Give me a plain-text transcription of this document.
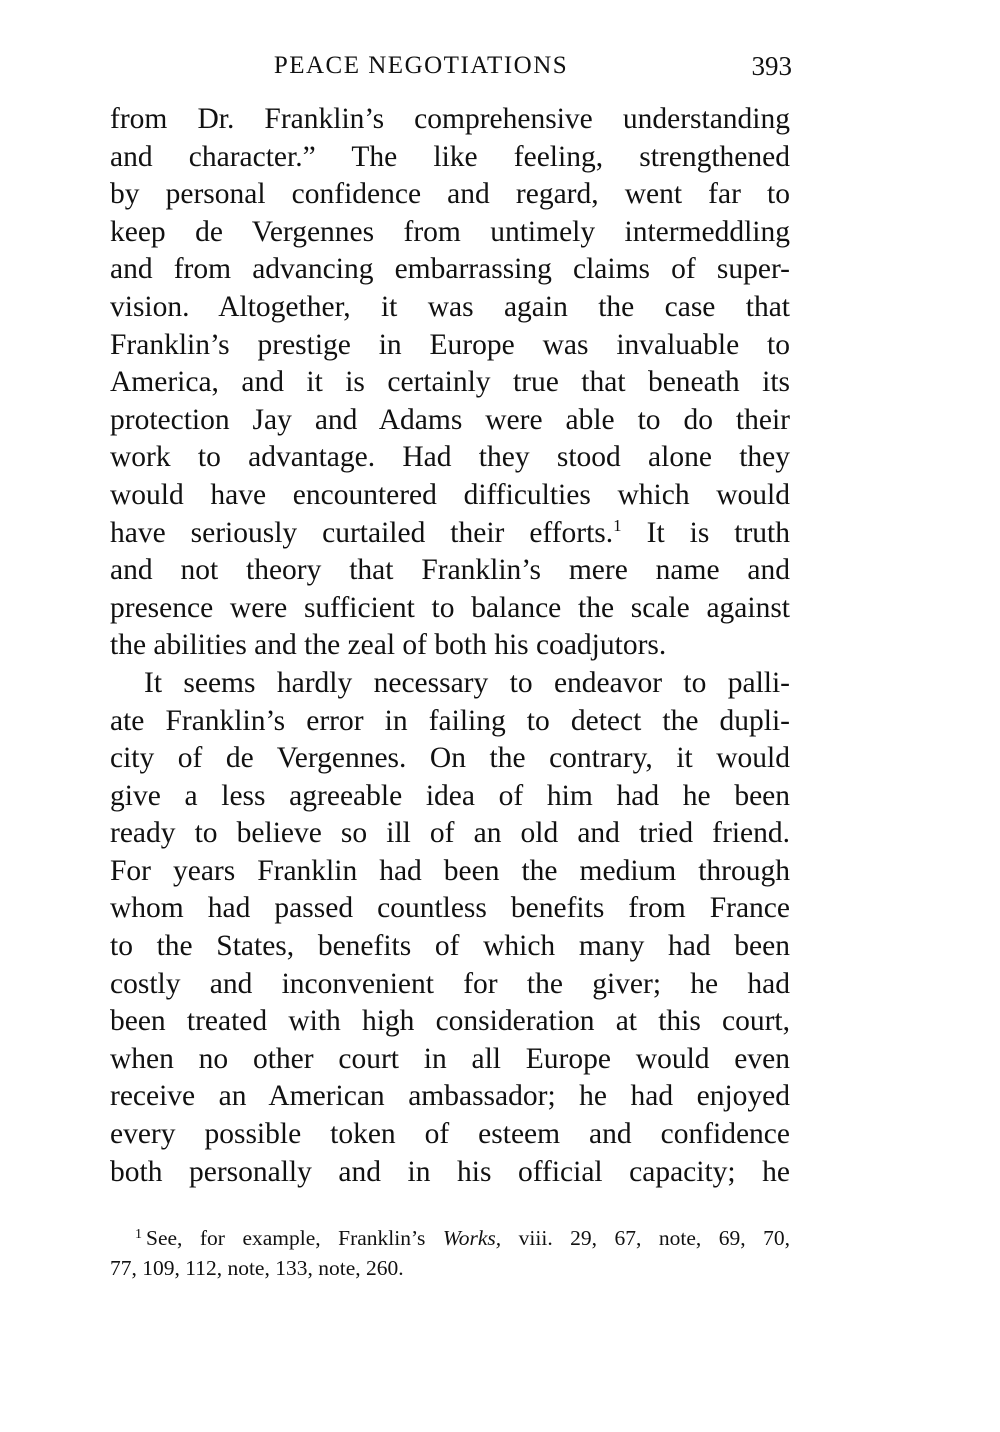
PEACE NEGOTIATIONS	393
from Dr. Franklin’s comprehensive understanding
and character.” The like feeling, strengthened
by personal confidence and regard, went far to
keep de Vergennes from untimely intermeddling
and from advancing embarrassing claims of super-
vision. Altogether, it was again the case that
Franklin’s prestige in Europe was invaluable to
America, and it is certainly true that beneath its
protection Jay and Adams were able to do their
work to advantage. Had they stood alone they
would have encountered difficulties which would
have seriously curtailed their efforts.$^1$ It is truth
and not theory that Franklin’s mere name and
presence were sufficient to balance the scale against
the abilities and the zeal of both his coadjutors.
It seems hardly necessary to endeavor to palli-
ate Franklin’s error in failing to detect the dupli-
city of de Vergennes. On the contrary, it would
give a less agreeable idea of him had he been
ready to believe so ill of an old and tried friend.
For years Franklin had been the medium through
whom had passed countless benefits from France
to the States, benefits of which many had been
costly and inconvenient for the giver; he had
been treated with high consideration at this court,
when no other court in all Europe would even
receive an American ambassador; he had enjoyed
every possible token of esteem and confidence
both personally and in his official capacity; he
$^1$ See, for example, Franklin’s Works, viii. 29, 67, note, 69, 70,
77, 109, 112, note, 133, note, 260.
